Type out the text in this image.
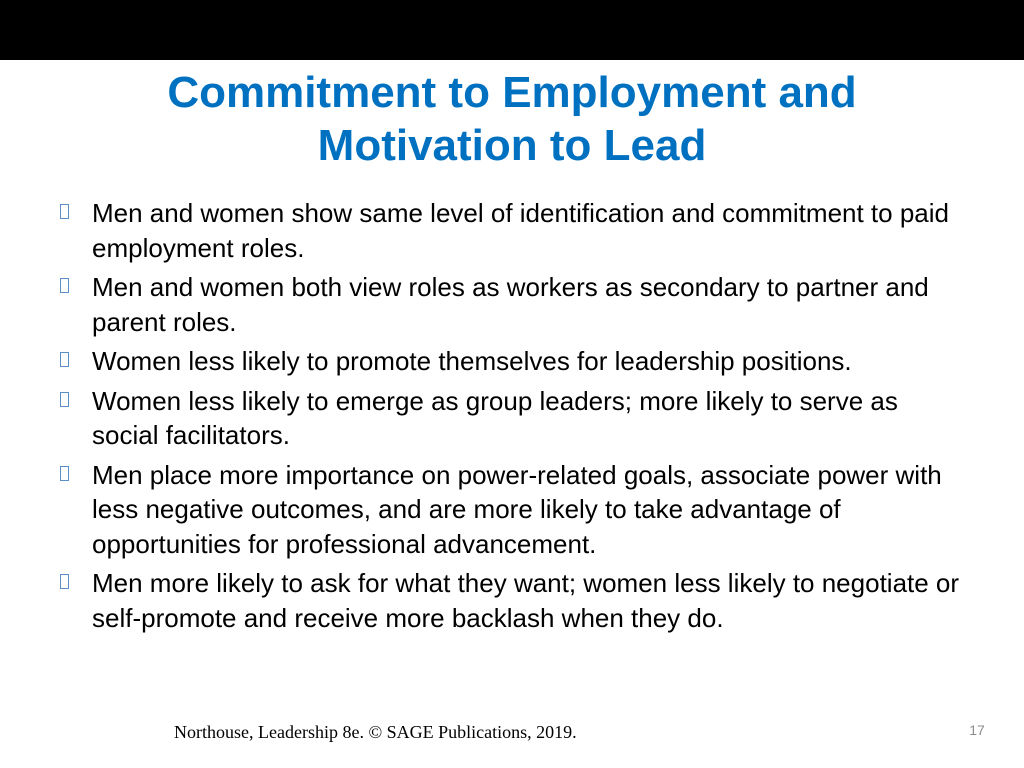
Commitment to Employment and
Motivation to Lead
Men and women show same level of identification and commitment to paid employment roles.
Men and women both view roles as workers as secondary to partner and parent roles.
Women less likely to promote themselves for leadership positions.
Women less likely to emerge as group leaders; more likely to serve as social facilitators.
Men place more importance on power-related goals, associate power with less negative outcomes, and are more likely to take advantage of opportunities for professional advancement.
Men more likely to ask for what they want; women less likely to negotiate or self-promote and receive more backlash when they do.
Northouse, Leadership 8e. © SAGE Publications, 2019.	17
